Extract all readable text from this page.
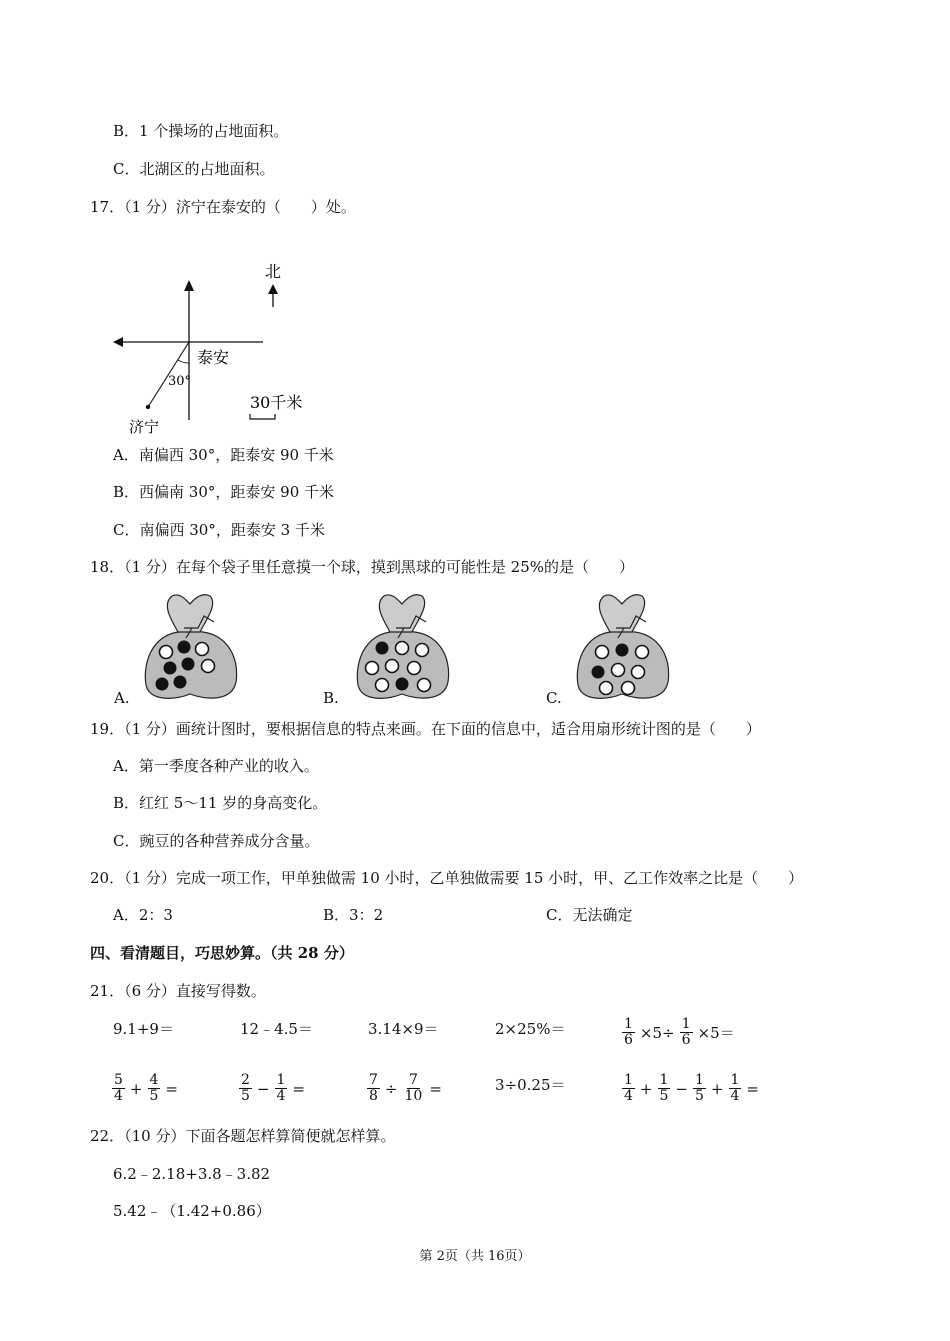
B．1 个操场的占地面积。
C．北湖区的占地面积。
17．（1 分）济宁在泰安的（　　）处。
北
泰安
30°
30千米
济宁
A．南偏西 30°，距泰安 90 千米
B．西偏南 30°，距泰安 90 千米
C．南偏西 30°，距泰安 3 千米
18．（1 分）在每个袋子里任意摸一个球，摸到黑球的可能性是 25%的是（　　）
A.	B.	C.
19．（1 分）画统计图时，要根据信息的特点来画。在下面的信息中，适合用扇形统计图的是（　　）
A．第一季度各种产业的收入。
B．红红 5～11 岁的身高变化。
C．豌豆的各种营养成分含量。
20．（1 分）完成一项工作，甲单独做需 10 小时，乙单独做需要 15 小时，甲、乙工作效率之比是（　　）
A．2：3	B．3：2	C．无法确定
四、看清题目，巧思妙算。（共 28 分）
21．（6 分）直接写得数。
9.1+9＝	12﹣4.5＝	3.14×9＝	2×25%＝	$\frac{1}{6} \times 5\div \frac{1}{6} \times 5=$
$\frac{5}{4} + \frac{4}{5}$ =	$\frac{2}{5} - \frac{1}{4}$ =	$\frac{7}{8} \div \frac{7}{10}$ =	3÷0.25＝	$\frac{1}{4} + \frac{1}{5} - \frac{1}{5} + \frac{1}{4}$ =
22．（10 分）下面各题怎样算简便就怎样算。
6.2﹣2.18+3.8﹣3.82
5.42﹣（1.42+0.86）
第 2页（共 16页）
